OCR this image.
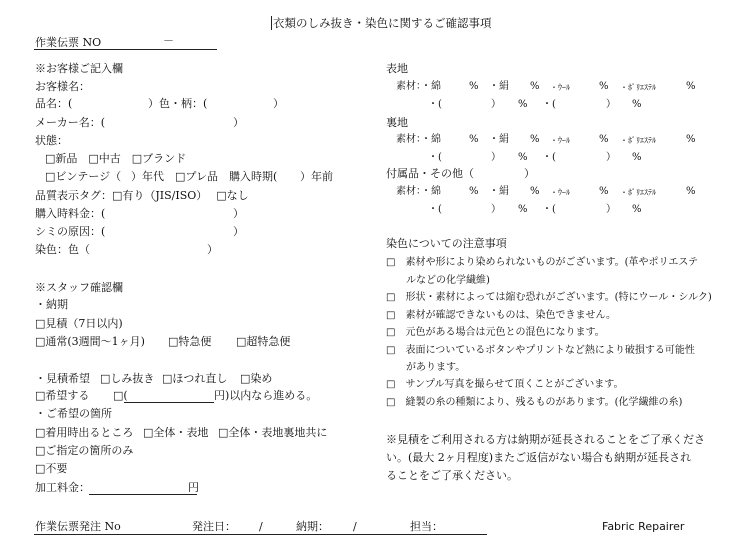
衣類のしみ抜き・染色に関するご確認事項
作業伝票 NO	－
※お客様ご記入欄
お客様名：
品名：(	）色・柄：(	）
メーカー名：(	）
状態：
□新品　□中古　□ブランド
□ビンテージ（ ）年代　□プレ品　購入時期( ）年前
品質表示タグ：□有り（JIS/ISO）　 □なし
購入時料金：(	）
シミの原因：(	）
染色：色（	）
※スタッフ確認欄
・納期
□見積（7日以内)
□通常(3週間〜1ヶ月) □特急便 □超特急便
・見積希望 □しみ抜き □ほつれ直し □染め
□希望する □(	円)以内なら進める。
・ご希望の箇所
□着用時出るところ □全体・表地 □全体・表地裏地共に
□ご指定の箇所のみ
□不要
加工料金：	円
表地
素材：・綿	% ・絹 % ・ｳｰﾙ	% ・ﾎﾟﾘｴｽﾃﾙ	%
・(	） % ・(	） %
裏地
素材：・綿	% ・絹 % ・ｳｰﾙ	% ・ﾎﾟﾘｴｽﾃﾙ	%
・(	） % ・(	） %
付属品・その他（	）
素材：・綿	% ・絹 % ・ｳｰﾙ	% ・ﾎﾟﾘｴｽﾃﾙ	%
・(	） % ・(	） %
染色についての注意事項
□　素材や形により染められないものがございます。(革やポリエステ
ルなどの化学繊維)
□　形状・素材によっては縮む恐れがございます。(特にウール・シルク)
□　素材が確認できないものは、染色できません。
□　元色がある場合は元色との混色になります。
□　表面についているボタンやプリントなど熱により破損する可能性
があります。
□　サンプル写真を撮らせて頂くことがございます。
□　縫製の糸の種類により、残るものがあります。(化学繊維の糸)
※見積をご利用される方は納期が延長されることをご了承くださ
い。(最大 2ヶ月程度)またご返信がない場合も納期が延長され
ることをご了承ください。
作業伝票発注 No	発注日： /	納期： /	担当：	Fabric Repairer
